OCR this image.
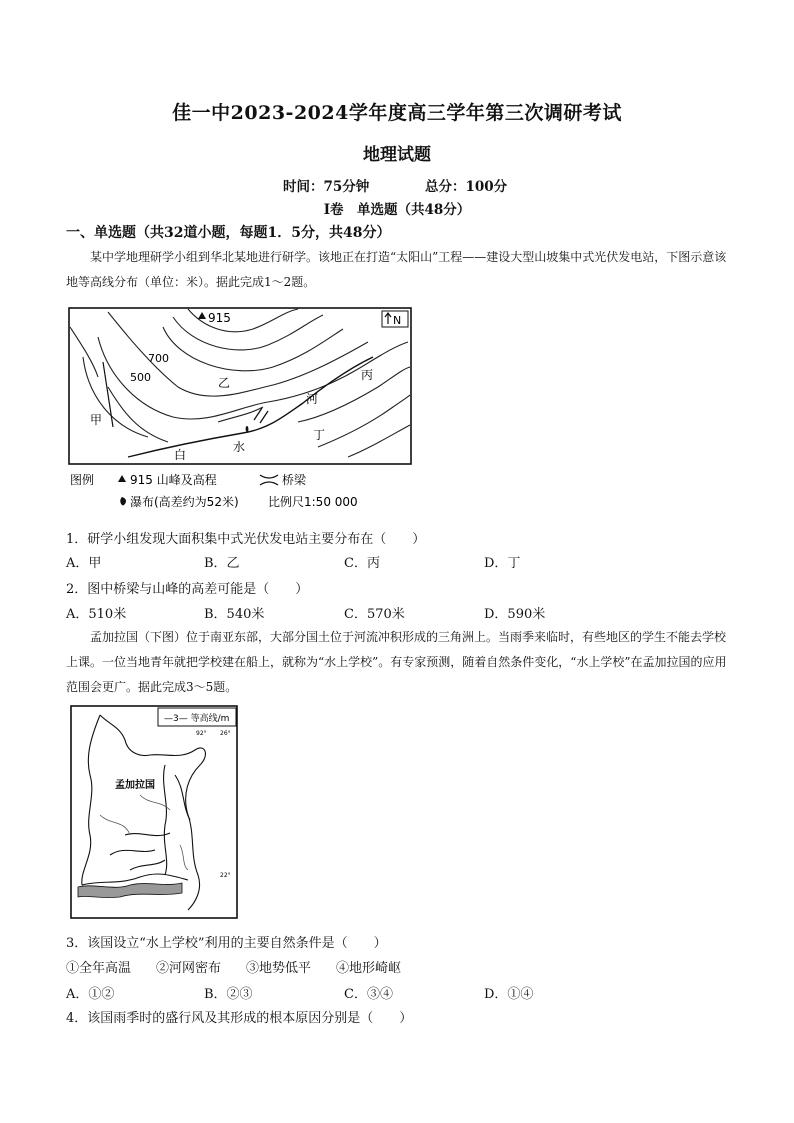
佳一中2023-2024学年度高三学年第三次调研考试
地理试题
时间：75分钟	总分：100分
Ⅰ卷　单选题（共48分）
一、单选题（共32道小题，每题1．5分，共48分）
某中学地理研学小组到华北某地进行研学。该地正在打造“太阳山”工程——建设大型山坡集中式光伏发电站，下图示意该地等高线分布（单位：米）。据此完成1～2题。
915
700
500
甲
乙
丙
丁
白
水
河
N
图例	915 山峰及高程	桥梁
瀑布(高差约为52米) 比例尺1:50 000
1．研学小组发现大面积集中式光伏发电站主要分布在（　　）
A．甲	B．乙	C．丙	D．丁
2．图中桥梁与山峰的高差可能是（　　）
A．510米	B．540米	C．570米	D．590米
孟加拉国（下图）位于南亚东部，大部分国土位于河流冲积形成的三角洲上。当雨季来临时，有些地区的学生不能去学校上课。一位当地青年就把学校建在船上，就称为“水上学校”。有专家预测，随着自然条件变化，“水上学校”在孟加拉国的应用范围会更广。据此完成3～5题。
—3— 等高线/m
92° 26°
22°
孟加拉国
3．该国设立“水上学校”利用的主要自然条件是（　　）
①全年高温 ②河网密布 ③地势低平 ④地形崎岖
A．①②	B．②③	C．③④	D．①④
4．该国雨季时的盛行风及其形成的根本原因分别是（　　）
